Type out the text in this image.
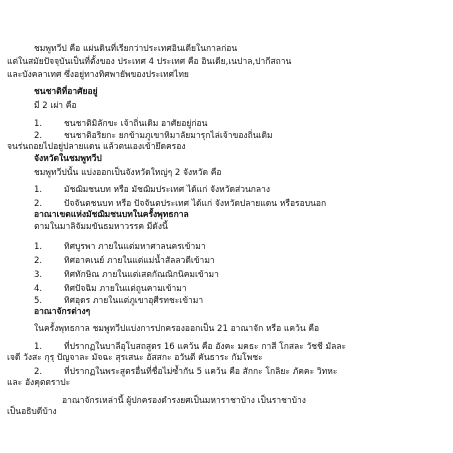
ชมพูทวีป คือ แผ่นดินที่เรียกว่าประเทศอินเดียในกาลก่อน
แต่ในสมัยปัจจุบันเป็นที่ตั้งของ ประเทศ 4 ประเทศ คือ อินเดีย,เนปาล,ปากีสถาน
และบังคลาเทศ ซึ่งอยู่ทางทิศพายัพของประเทศไทย
ชนชาติที่อาศัยอยู่
มี 2 เผ่า คือ
1.	ชนชาติมิลักขะ เจ้าถิ่นเดิม อาศัยอยู่ก่อน
2.	ชนชาติอริยกะ ยกข้ามภูเขาหิมาลัยมารุกไล่เจ้าของถิ่นเดิม
จนร่นถอยไปอยู่ปลายแดน แล้วตนเองเข้ายึดครอง
จังหวัดในชมพูทวีป
ชมพูทวีปนั้น แบ่งออกเป็นจังหวัดใหญ่ๆ 2 จังหวัด คือ
1.	มัชฌิมชนบท หรือ มัชฌิมประเทศ ได้แก่ จังหวัดส่วนกลาง
2.	ปัจจันตชนบท หรือ ปัจจันตประเทศ ได้แก่ จังหวัดปลายแดน หรือรอบนอก
อาณาเขตแห่งมัชฌิมชนบทในครั้งพุทธกาล
ตามในมาลิจัมมขันธมหาวรรค มีดังนี้
1.	ทิศบูรพา ภายในแต่มหาศาลนครเข้ามา
2.	ทิศอาคเนย์ ภายในแต่แม่น้ำสัลลวดีเข้ามา
3.	ทิศทักษิณ ภายในแต่เสตกัณณิกนิคมเข้ามา
4.	ทิศปัจฉิม ภายในแต่ถูนคามเข้ามา
5.	ทิศอุดร ภายในแต่ภูเขาอุศีรทชะเข้ามา
อาณาจักรต่างๆ
ในครั้งพุทธกาล ชมพูทวีปแบ่งการปกครองออกเป็น 21 อาณาจัก หรือ แคว้น คือ
1.	ที่ปรากฏในบาลีอุโบสถสูตร 16 แคว้น คือ อังคะ มคธะ กาสี โกสละ วัชชี มัลละ
เจดี วังสะ กุรุ ปัญจาละ มัจฉะ สุรเสนะ อัสสกะ อวันตี คันธาระ กัมโพชะ
2.	ที่ปรากฏในพระสูตรอื่นที่ชื่อไม่ซ้ำกัน 5 แคว้น คือ สักกะ โกลิยะ ภัคคะ วิทหะ
และ อังคุตตราปะ
อาณาจักรเหล่านี้ ผู้ปกครองดำรงยศเป็นมหาราชาบ้าง เป็นราชาบ้าง
เป็นอธิบดีบ้าง
